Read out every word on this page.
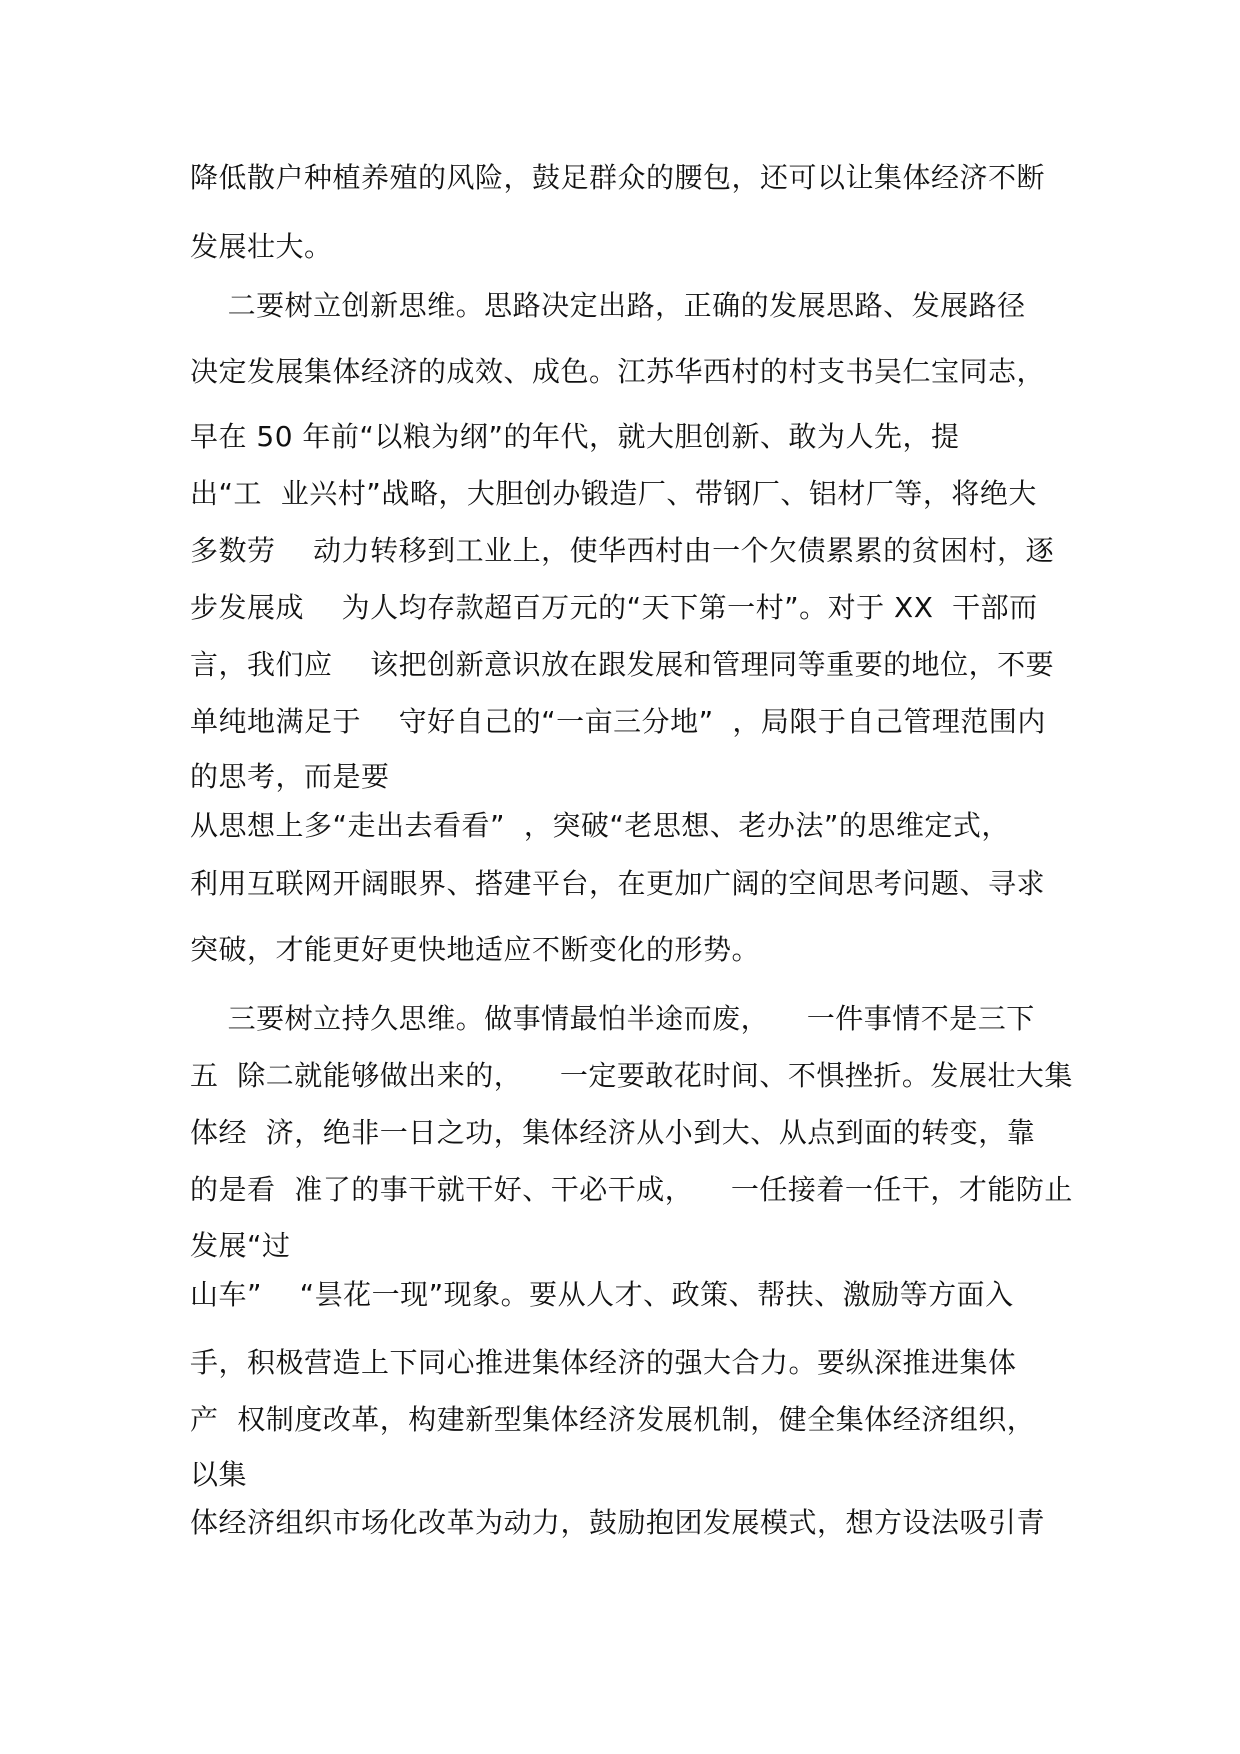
降低散户种植养殖的风险，鼓足群众的腰包，还可以让集体经济不断
发展壮大。
二要树立创新思维。思路决定出路，正确的发展思路、发展路径
决定发展集体经济的成效、成色。江苏华西村的村支书吴仁宝同志，
早在 50 年前“以粮为纲”的年代，就大胆创新、敢为人先，提
出“工  业兴村”战略，大胆创办锻造厂、带钢厂、铝材厂等，将绝大
多数劳    动力转移到工业上，使华西村由一个欠债累累的贫困村，逐
步发展成    为人均存款超百万元的“天下第一村”。对于 XX  干部而
言，我们应    该把创新意识放在跟发展和管理同等重要的地位，不要
单纯地满足于    守好自己的“一亩三分地”  ，局限于自己管理范围内
的思考，而是要
从思想上多“走出去看看”  ，突破“老思想、老办法”的思维定式，
利用互联网开阔眼界、搭建平台，在更加广阔的空间思考问题、寻求
突破，才能更好更快地适应不断变化的形势。
三要树立持久思维。做事情最怕半途而废，    一件事情不是三下
五  除二就能够做出来的，    一定要敢花时间、不惧挫折。发展壮大集
体经  济，绝非一日之功，集体经济从小到大、从点到面的转变，靠
的是看  准了的事干就干好、干必干成，    一任接着一任干，才能防止
发展“过
山车”    “昙花一现”现象。要从人才、政策、帮扶、激励等方面入
手，积极营造上下同心推进集体经济的强大合力。要纵深推进集体
产  权制度改革，构建新型集体经济发展机制，健全集体经济组织，
以集
体经济组织市场化改革为动力，鼓励抱团发展模式，想方设法吸引青
